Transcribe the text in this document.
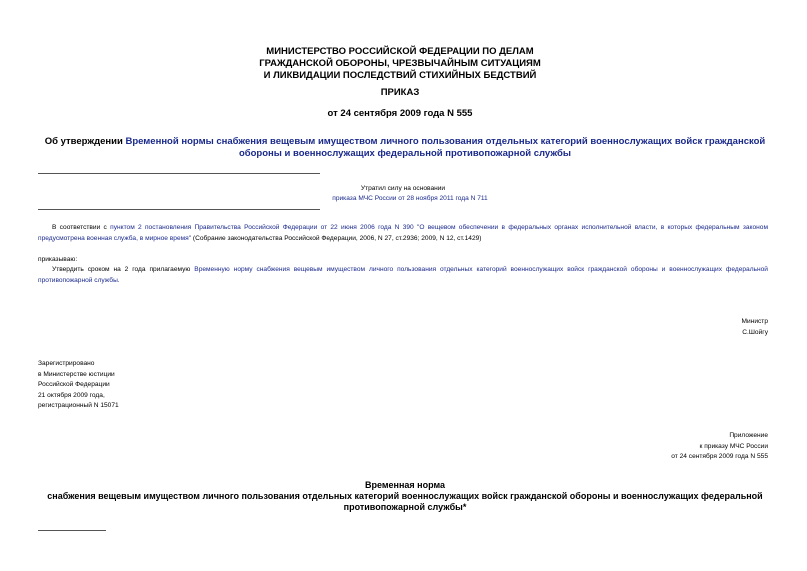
МИНИСТЕРСТВО РОССИЙСКОЙ ФЕДЕРАЦИИ ПО ДЕЛАМ
ГРАЖДАНСКОЙ ОБОРОНЫ, ЧРЕЗВЫЧАЙНЫМ СИТУАЦИЯМ
И ЛИКВИДАЦИИ ПОСЛЕДСТВИЙ СТИХИЙНЫХ БЕДСТВИЙ
ПРИКАЗ
от 24 сентября 2009 года N 555
Об утверждении Временной нормы снабжения вещевым имуществом личного пользования отдельных категорий военнослужащих войск гражданской обороны и военнослужащих федеральной противопожарной службы
Утратил силу на основании
приказа МЧС России от 28 ноября 2011 года N 711
В соответствии с пунктом 2 постановления Правительства Российской Федерации от 22 июня 2006 года N 390 "О вещевом обеспечении в федеральных органах исполнительной власти, в которых федеральным законом предусмотрена военная служба, в мирное время" (Собрание законодательства Российской Федерации, 2006, N 27, ст.2936; 2009, N 12, ст.1429)
приказываю:
Утвердить сроком на 2 года прилагаемую Временную норму снабжения вещевым имуществом личного пользования отдельных категорий военнослужащих войск гражданской обороны и военнослужащих федеральной противопожарной службы.
Министр
С.Шойгу
Зарегистрировано
в Министерстве юстиции
Российской Федерации
21 октября 2009 года,
регистрационный N 15071
Приложение
к приказу МЧС России
от 24 сентября 2009 года N 555
Временная норма
снабжения вещевым имуществом личного пользования отдельных категорий военнослужащих войск гражданской обороны и военнослужащих федеральной
противопожарной службы*
